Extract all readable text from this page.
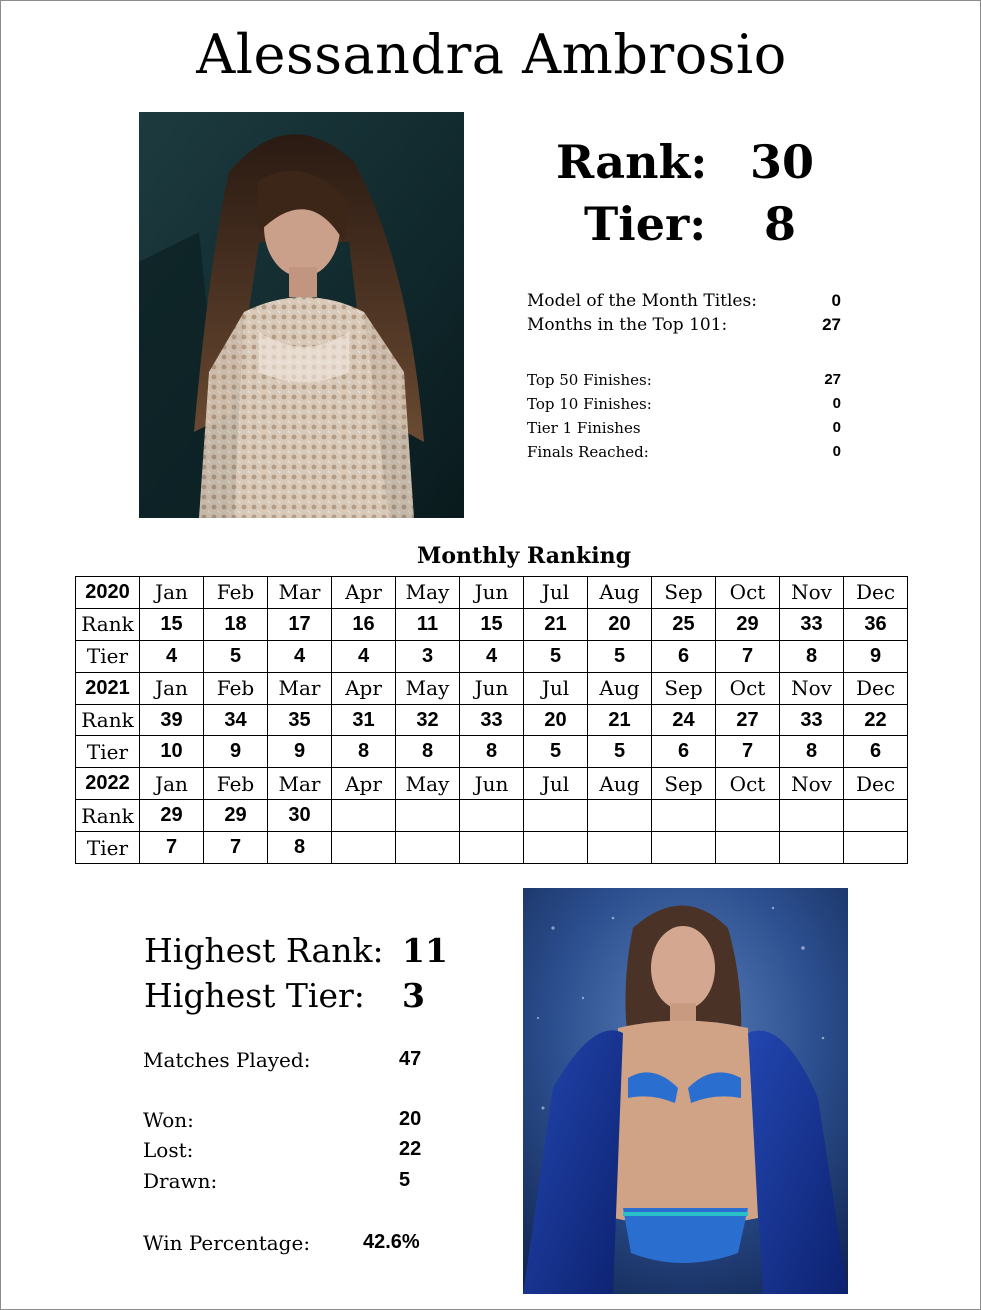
Alessandra Ambrosio
Rank: 30
Tier: 8
Model of the Month Titles:	0
Months in the Top 101:	27
Top 50 Finishes:	27
Top 10 Finishes:	0
Tier 1 Finishes	0
Finals Reached:	0
Monthly Ranking
2020	Jan	Feb	Mar	Apr	May	Jun	Jul	Aug	Sep	Oct	Nov	Dec
Rank	15	18	17	16	11	15	21	20	25	29	33	36
Tier	4	5	4	4	3	4	5	5	6	7	8	9
2021	Jan	Feb	Mar	Apr	May	Jun	Jul	Aug	Sep	Oct	Nov	Dec
Rank	39	34	35	31	32	33	20	21	24	27	33	22
Tier	10	9	9	8	8	8	5	5	6	7	8	6
2022	Jan	Feb	Mar	Apr	May	Jun	Jul	Aug	Sep	Oct	Nov	Dec
Rank	29	29	30									
Tier	7	7	8									
Highest Rank: 11
Highest Tier: 3
Matches Played:	47
Won:	20
Lost:	22
Drawn:	5
Win Percentage:	42.6%
